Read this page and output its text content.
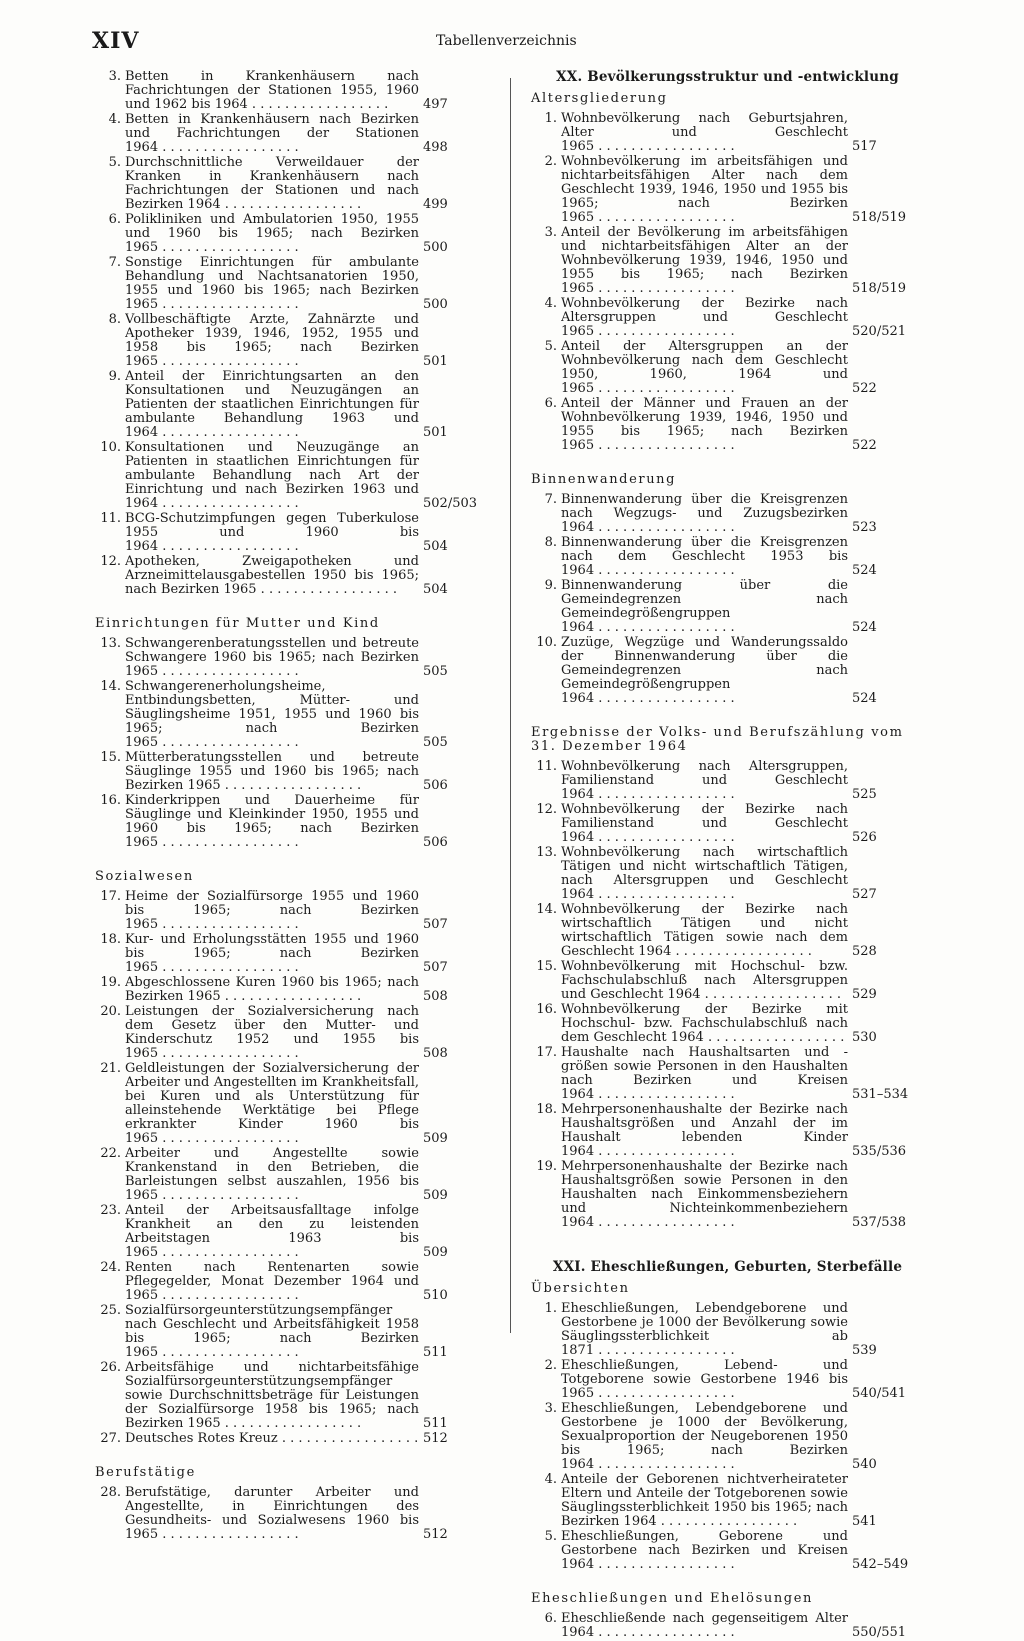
XIV	Tabellenverzeichnis
3. Betten in Krankenhäusern nach Fachrichtungen der Stationen 1955, 1960 und 1962 bis 1964 . . .	497
4. Betten in Krankenhäusern nach Bezirken und Fachrichtungen der Stationen 1964 . . .	498
5. Durchschnittliche Verweildauer der Kranken in Krankenhäusern nach Fachrichtungen der Stationen und nach Bezirken 1964 . . .	499
6. Polikliniken und Ambulatorien 1950, 1955 und 1960 bis 1965; nach Bezirken 1965 . . .	500
7. Sonstige Einrichtungen für ambulante Behandlung und Nachtsanatorien 1950, 1955 und 1960 bis 1965; nach Bezirken 1965 . . .	500
8. Vollbeschäftigte Ärzte, Zahnärzte und Apotheker 1939, 1946, 1952, 1955 und 1958 bis 1965; nach Bezirken 1965 . . .	501
9. Anteil der Einrichtungsarten an den Konsultationen und Neuzugängen an Patienten der staatlichen Einrichtungen für ambulante Behandlung 1963 und 1964 . . .	501
10. Konsultationen und Neuzugänge an Patienten in staatlichen Einrichtungen für ambulante Behandlung nach Art der Einrichtung und nach Bezirken 1963 und 1964 . . .	502/503
11. BCG-Schutzimpfungen gegen Tuberkulose 1955 und 1960 bis 1964 . . .	504
12. Apotheken, Zweigapotheken und Arzneimittelausgabestellen 1950 bis 1965; nach Bezirken 1965 . . .	504
Einrichtungen für Mutter und Kind
13. Schwangerenberatungsstellen und betreute Schwangere 1960 bis 1965; nach Bezirken 1965 . . .	505
14. Schwangerenerholungsheime, Entbindungsbetten, Mütter- und Säuglingsheime 1951, 1955 und 1960 bis 1965; nach Bezirken 1965 . . .	505
15. Mütterberatungsstellen und betreute Säuglinge 1955 und 1960 bis 1965; nach Bezirken 1965 . . .	506
16. Kinderkrippen und Dauerheime für Säuglinge und Kleinkinder 1950, 1955 und 1960 bis 1965; nach Bezirken 1965 . . .	506
Sozialwesen
17. Heime der Sozialfürsorge 1955 und 1960 bis 1965; nach Bezirken 1965 . . .	507
18. Kur- und Erholungsstätten 1955 und 1960 bis 1965; nach Bezirken 1965 . . .	507
19. Abgeschlossene Kuren 1960 bis 1965; nach Bezirken 1965 . . .	508
20. Leistungen der Sozialversicherung nach dem Gesetz über den Mutter- und Kinderschutz 1952 und 1955 bis 1965 . . .	508
21. Geldleistungen der Sozialversicherung der Arbeiter und Angestellten im Krankheitsfall, bei Kuren und als Unterstützung für alleinstehende Werktätige bei Pflege erkrankter Kinder 1960 bis 1965 . . .	509
22. Arbeiter und Angestellte sowie Krankenstand in den Betrieben, die Barleistungen selbst auszahlen, 1956 bis 1965 . . .	509
23. Anteil der Arbeitsausfalltage infolge Krankheit an den zu leistenden Arbeitstagen 1963 bis 1965 . . .	509
24. Renten nach Rentenarten sowie Pflegegelder, Monat Dezember 1964 und 1965 . . .	510
25. Sozialfürsorgeunterstützungsempfänger nach Geschlecht und Arbeitsfähigkeit 1958 bis 1965; nach Bezirken 1965 . . .	511
26. Arbeitsfähige und nichtarbeitsfähige Sozialfürsorgeunterstützungsempfänger sowie Durchschnittsbeträge für Leistungen der Sozialfürsorge 1958 bis 1965; nach Bezirken 1965 . . .	511
27. Deutsches Rotes Kreuz . . .	512
Berufstätige
28. Berufstätige, darunter Arbeiter und Angestellte, in Einrichtungen des Gesundheits- und Sozialwesens 1960 bis 1965 . . .	512
XX. Bevölkerungsstruktur und -entwicklung
Altersgliederung
1. Wohnbevölkerung nach Geburtsjahren, Alter und Geschlecht 1965 . . .	517
2. Wohnbevölkerung im arbeitsfähigen und nichtarbeitsfähigen Alter nach dem Geschlecht 1939, 1946, 1950 und 1955 bis 1965; nach Bezirken 1965 . . .	518/519
3. Anteil der Bevölkerung im arbeitsfähigen und nichtarbeitsfähigen Alter an der Wohnbevölkerung 1939, 1946, 1950 und 1955 bis 1965; nach Bezirken 1965 . . .	518/519
4. Wohnbevölkerung der Bezirke nach Altersgruppen und Geschlecht 1965 . . .	520/521
5. Anteil der Altersgruppen an der Wohnbevölkerung nach dem Geschlecht 1950, 1960, 1964 und 1965 . . .	522
6. Anteil der Männer und Frauen an der Wohnbevölkerung 1939, 1946, 1950 und 1955 bis 1965; nach Bezirken 1965 . . .	522
Binnenwanderung
7. Binnenwanderung über die Kreisgrenzen nach Wegzugs- und Zuzugsbezirken 1964 . . .	523
8. Binnenwanderung über die Kreisgrenzen nach dem Geschlecht 1953 bis 1964 . . .	524
9. Binnenwanderung über die Gemeindegrenzen nach Gemeindegrößengruppen 1964 . . .	524
10. Zuzüge, Wegzüge und Wanderungssaldo der Binnenwanderung über die Gemeindegrenzen nach Gemeindegrößengruppen 1964 . . .	524
Ergebnisse der Volks- und Berufszählung vom 31. Dezember 1964
11. Wohnbevölkerung nach Altersgruppen, Familienstand und Geschlecht 1964 . . .	525
12. Wohnbevölkerung der Bezirke nach Familienstand und Geschlecht 1964 . . .	526
13. Wohnbevölkerung nach wirtschaftlich Tätigen und nicht wirtschaftlich Tätigen, nach Altersgruppen und Geschlecht 1964 . . .	527
14. Wohnbevölkerung der Bezirke nach wirtschaftlich Tätigen und nicht wirtschaftlich Tätigen sowie nach dem Geschlecht 1964 . . .	528
15. Wohnbevölkerung mit Hochschul- bzw. Fachschulabschluß nach Altersgruppen und Geschlecht 1964 . . .	529
16. Wohnbevölkerung der Bezirke mit Hochschul- bzw. Fachschulabschluß nach dem Geschlecht 1964 . . .	530
17. Haushalte nach Haushaltsarten und -größen sowie Personen in den Haushalten nach Bezirken und Kreisen 1964 . . .	531–534
18. Mehrpersonenhaushalte der Bezirke nach Haushaltsgrößen und Anzahl der im Haushalt lebenden Kinder 1964 . . .	535/536
19. Mehrpersonenhaushalte der Bezirke nach Haushaltsgrößen sowie Personen in den Haushalten nach Einkommensbeziehern und Nichteinkommenbeziehern 1964 . . .	537/538
XXI. Eheschließungen, Geburten, Sterbefälle
Übersichten
1. Eheschließungen, Lebendgeborene und Gestorbene je 1000 der Bevölkerung sowie Säuglingssterblichkeit ab 1871 . . .	539
2. Eheschließungen, Lebend- und Totgeborene sowie Gestorbene 1946 bis 1965 . . .	540/541
3. Eheschließungen, Lebendgeborene und Gestorbene je 1000 der Bevölkerung, Sexualproportion der Neugeborenen 1950 bis 1965; nach Bezirken 1964 . . .	540
4. Anteile der Geborenen nichtverheirateter Eltern und Anteile der Totgeborenen sowie Säuglingssterblichkeit 1950 bis 1965; nach Bezirken 1964 . . .	541
5. Eheschließungen, Geborene und Gestorbene nach Bezirken und Kreisen 1964 . . .	542–549
Eheschließungen und Ehelösungen
6. Eheschließende nach gegenseitigem Alter 1964 . . .	550/551
